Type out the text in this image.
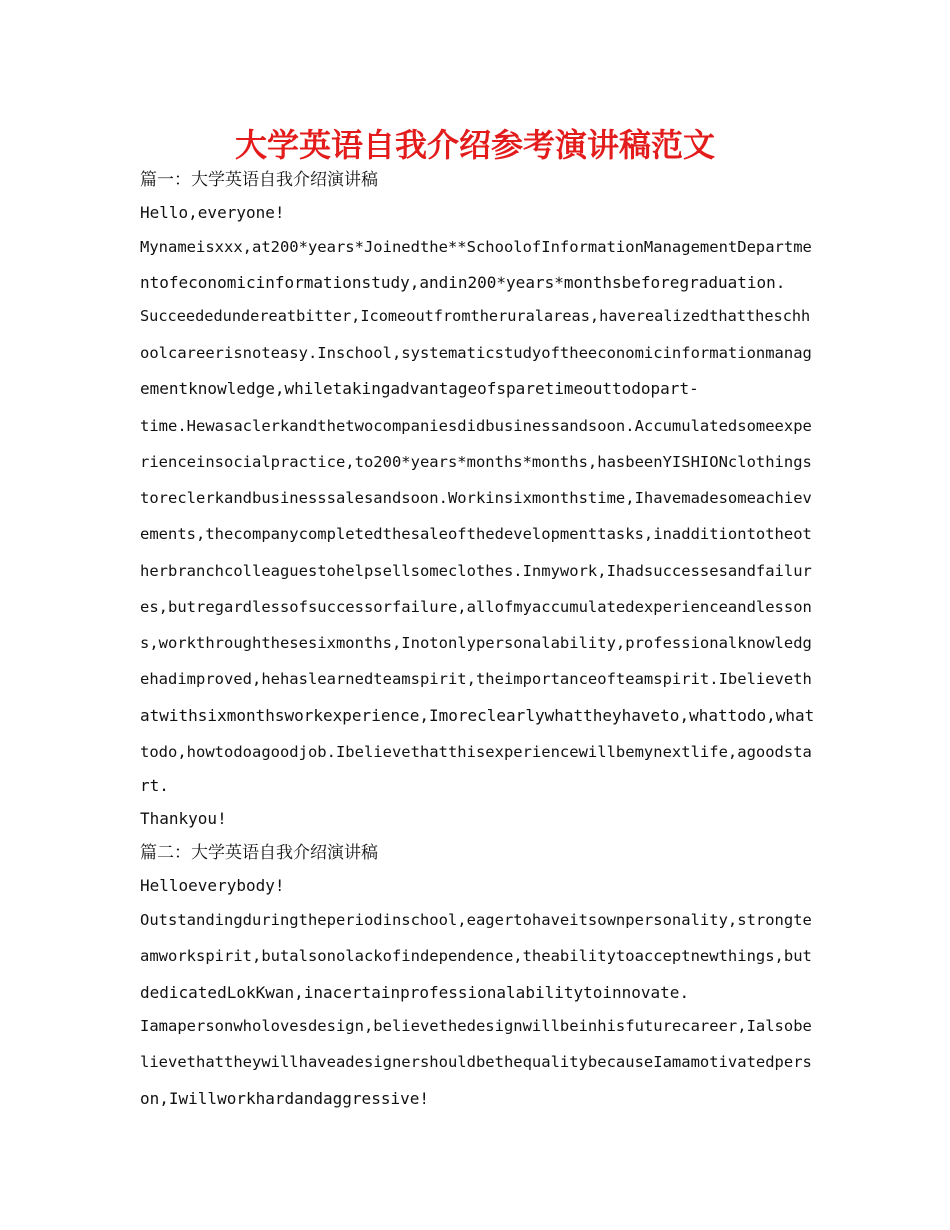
大学英语自我介绍参考演讲稿范文
篇一：大学英语自我介绍演讲稿
Hello,everyone!
Mynameisxxx,at200*years*Joinedthe**SchoolofInformationManagementDepartme
ntofeconomicinformationstudy,andin200*years*monthsbeforegraduation.
Succeededundereatbitter,Icomeoutfromtheruralareas,haverealizedthattheschh
oolcareerisnoteasy.Inschool,systematicstudyoftheeconomicinformationmanag
ementknowledge,whiletakingadvantageofsparetimeouttodopart-
time.Hewasaclerkandthetwocompaniesdidbusinessandsoon.Accumulatedsomeexpe
rienceinsocialpractice,to200*years*months*months,hasbeenYISHIONclothings
toreclerkandbusinesssalesandsoon.Workinsixmonthstime,Ihavemadesomeachiev
ements,thecompanycompletedthesaleofthedevelopmenttasks,inadditiontotheot
herbranchcolleaguestohelpsellsomeclothes.Inmywork,Ihadsuccessesandfailur
es,butregardlessofsuccessorfailure,allofmyaccumulatedexperienceandlesson
s,workthroughthesesixmonths,Inotonlypersonalability,professionalknowledg
ehadimproved,hehaslearnedteamspirit,theimportanceofteamspirit.Ibelieveth
atwithsixmonthsworkexperience,Imoreclearlywhattheyhaveto,whattodo,what
todo,howtodoagoodjob.Ibelievethatthisexperiencewillbemynextlife,agoodsta
rt.
Thankyou!
篇二：大学英语自我介绍演讲稿
Helloeverybody!
Outstandingduringtheperiodinschool,eagertohaveitsownpersonality,strongte
amworkspirit,butalsonolackofindependence,theabilitytoacceptnewthings,but
dedicatedLokKwan,inacertainprofessionalabilitytoinnovate.
Iamapersonwholovesdesign,believethedesignwillbeinhisfuturecareer,Ialsobe
lievethattheywillhaveadesignershouldbethequalitybecauseIamamotivatedpers
on,Iwillworkhardandaggressive!
